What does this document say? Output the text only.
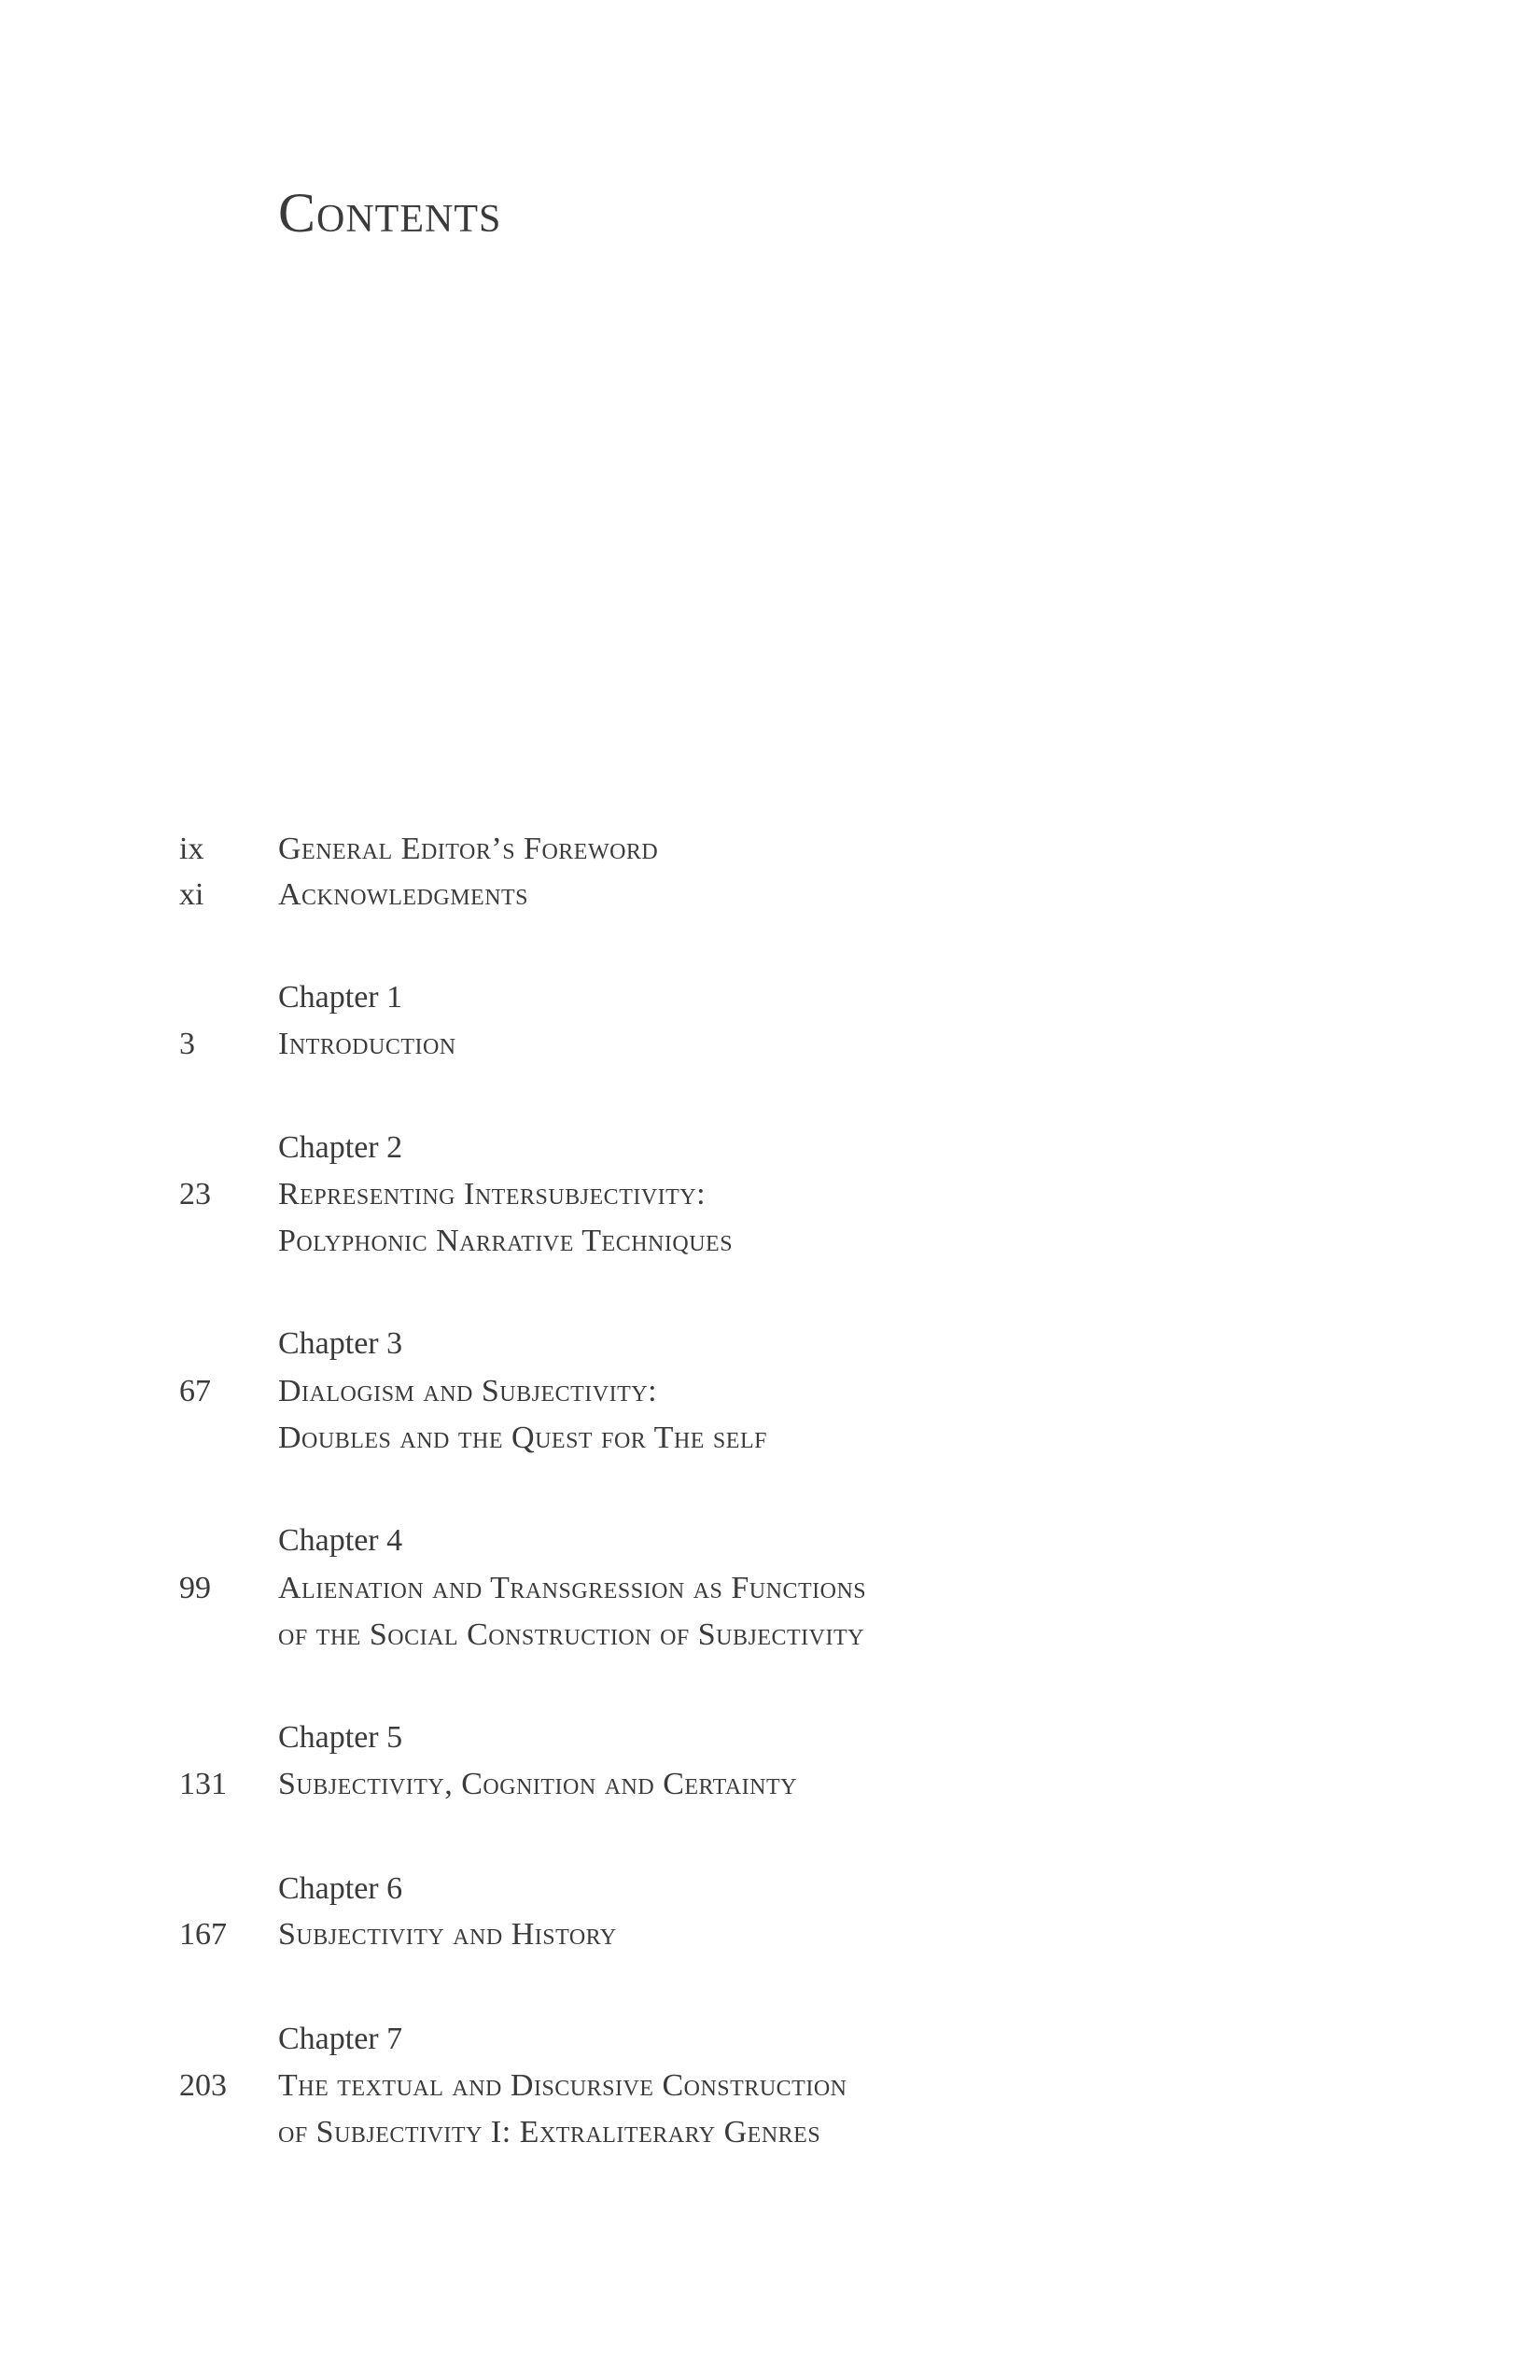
Contents
ix General Editor’s Foreword
xi Acknowledgments
Chapter 1
3	Introduction
Chapter 2
23 Representing Intersubjectivity:
Polyphonic Narrative Techniques
Chapter 3
67 Dialogism and Subjectivity:
Doubles and the Quest for The self
Chapter 4
99 Alienation and Transgression as Functions
of the Social Construction of Subjectivity
Chapter 5
131 Subjectivity, Cognition and Certainty
Chapter 6
167 Subjectivity and History
Chapter 7
203 The textual and Discursive Construction
of Subjectivity I: Extraliterary Genres
